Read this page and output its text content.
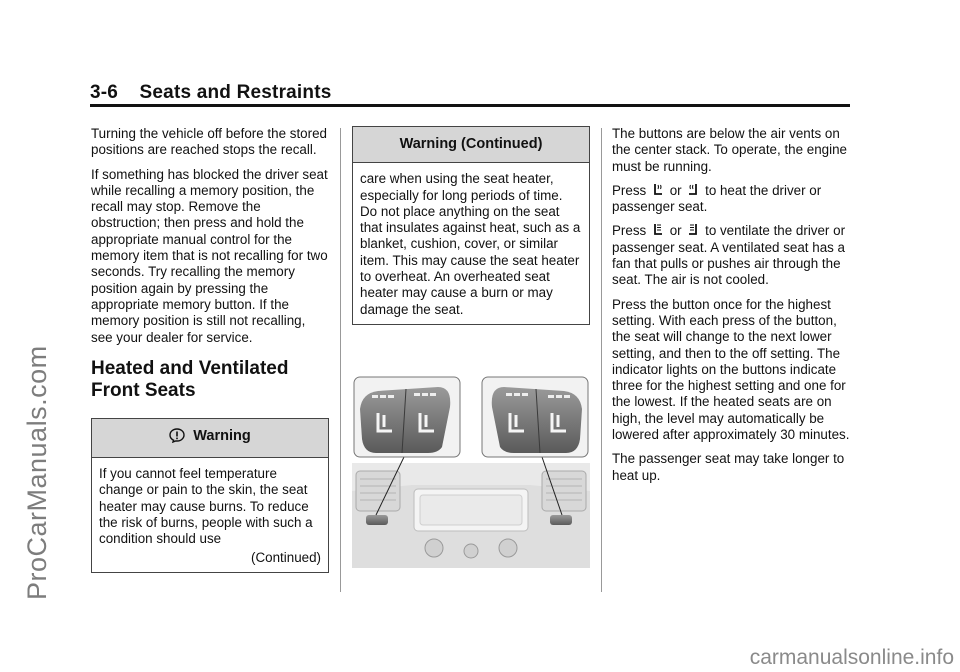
3-6 Seats and Restraints

Turning the vehicle off before the stored positions are reached stops the recall.

If something has blocked the driver seat while recalling a memory position, the recall may stop. Remove the obstruction; then press and hold the appropriate manual control for the memory item that is not recalling for two seconds. Try recalling the memory position again by pressing the appropriate memory button. If the memory position is still not recalling, see your dealer for service.

Heated and Ventilated Front Seats
Warning

If you cannot feel temperature change or pain to the skin, the seat heater may cause burns. To reduce the risk of burns, people with such a condition should use

(Continued)
Warning (Continued)

care when using the seat heater, especially for long periods of time. Do not place anything on the seat that insulates against heat, such as a blanket, cushion, cover, or similar item. This may cause the seat heater to overheat. An overheated seat heater may cause a burn or may damage the seat.

The buttons are below the air vents on the center stack. To operate, the engine must be running.

Press or to heat the driver or passenger seat.

Press or to ventilate the driver or passenger seat. A ventilated seat has a fan that pulls or pushes air through the seat. The air is not cooled.

Press the button once for the highest setting. With each press of the button, the seat will change to the next lower setting, and then to the off setting. The indicator lights on the buttons indicate three for the highest setting and one for the lowest. If the heated seats are on high, the level may automatically be lowered after approximately 30 minutes.

The passenger seat may take longer to heat up.

ProCarManuals.com
carmanualsonline.info
